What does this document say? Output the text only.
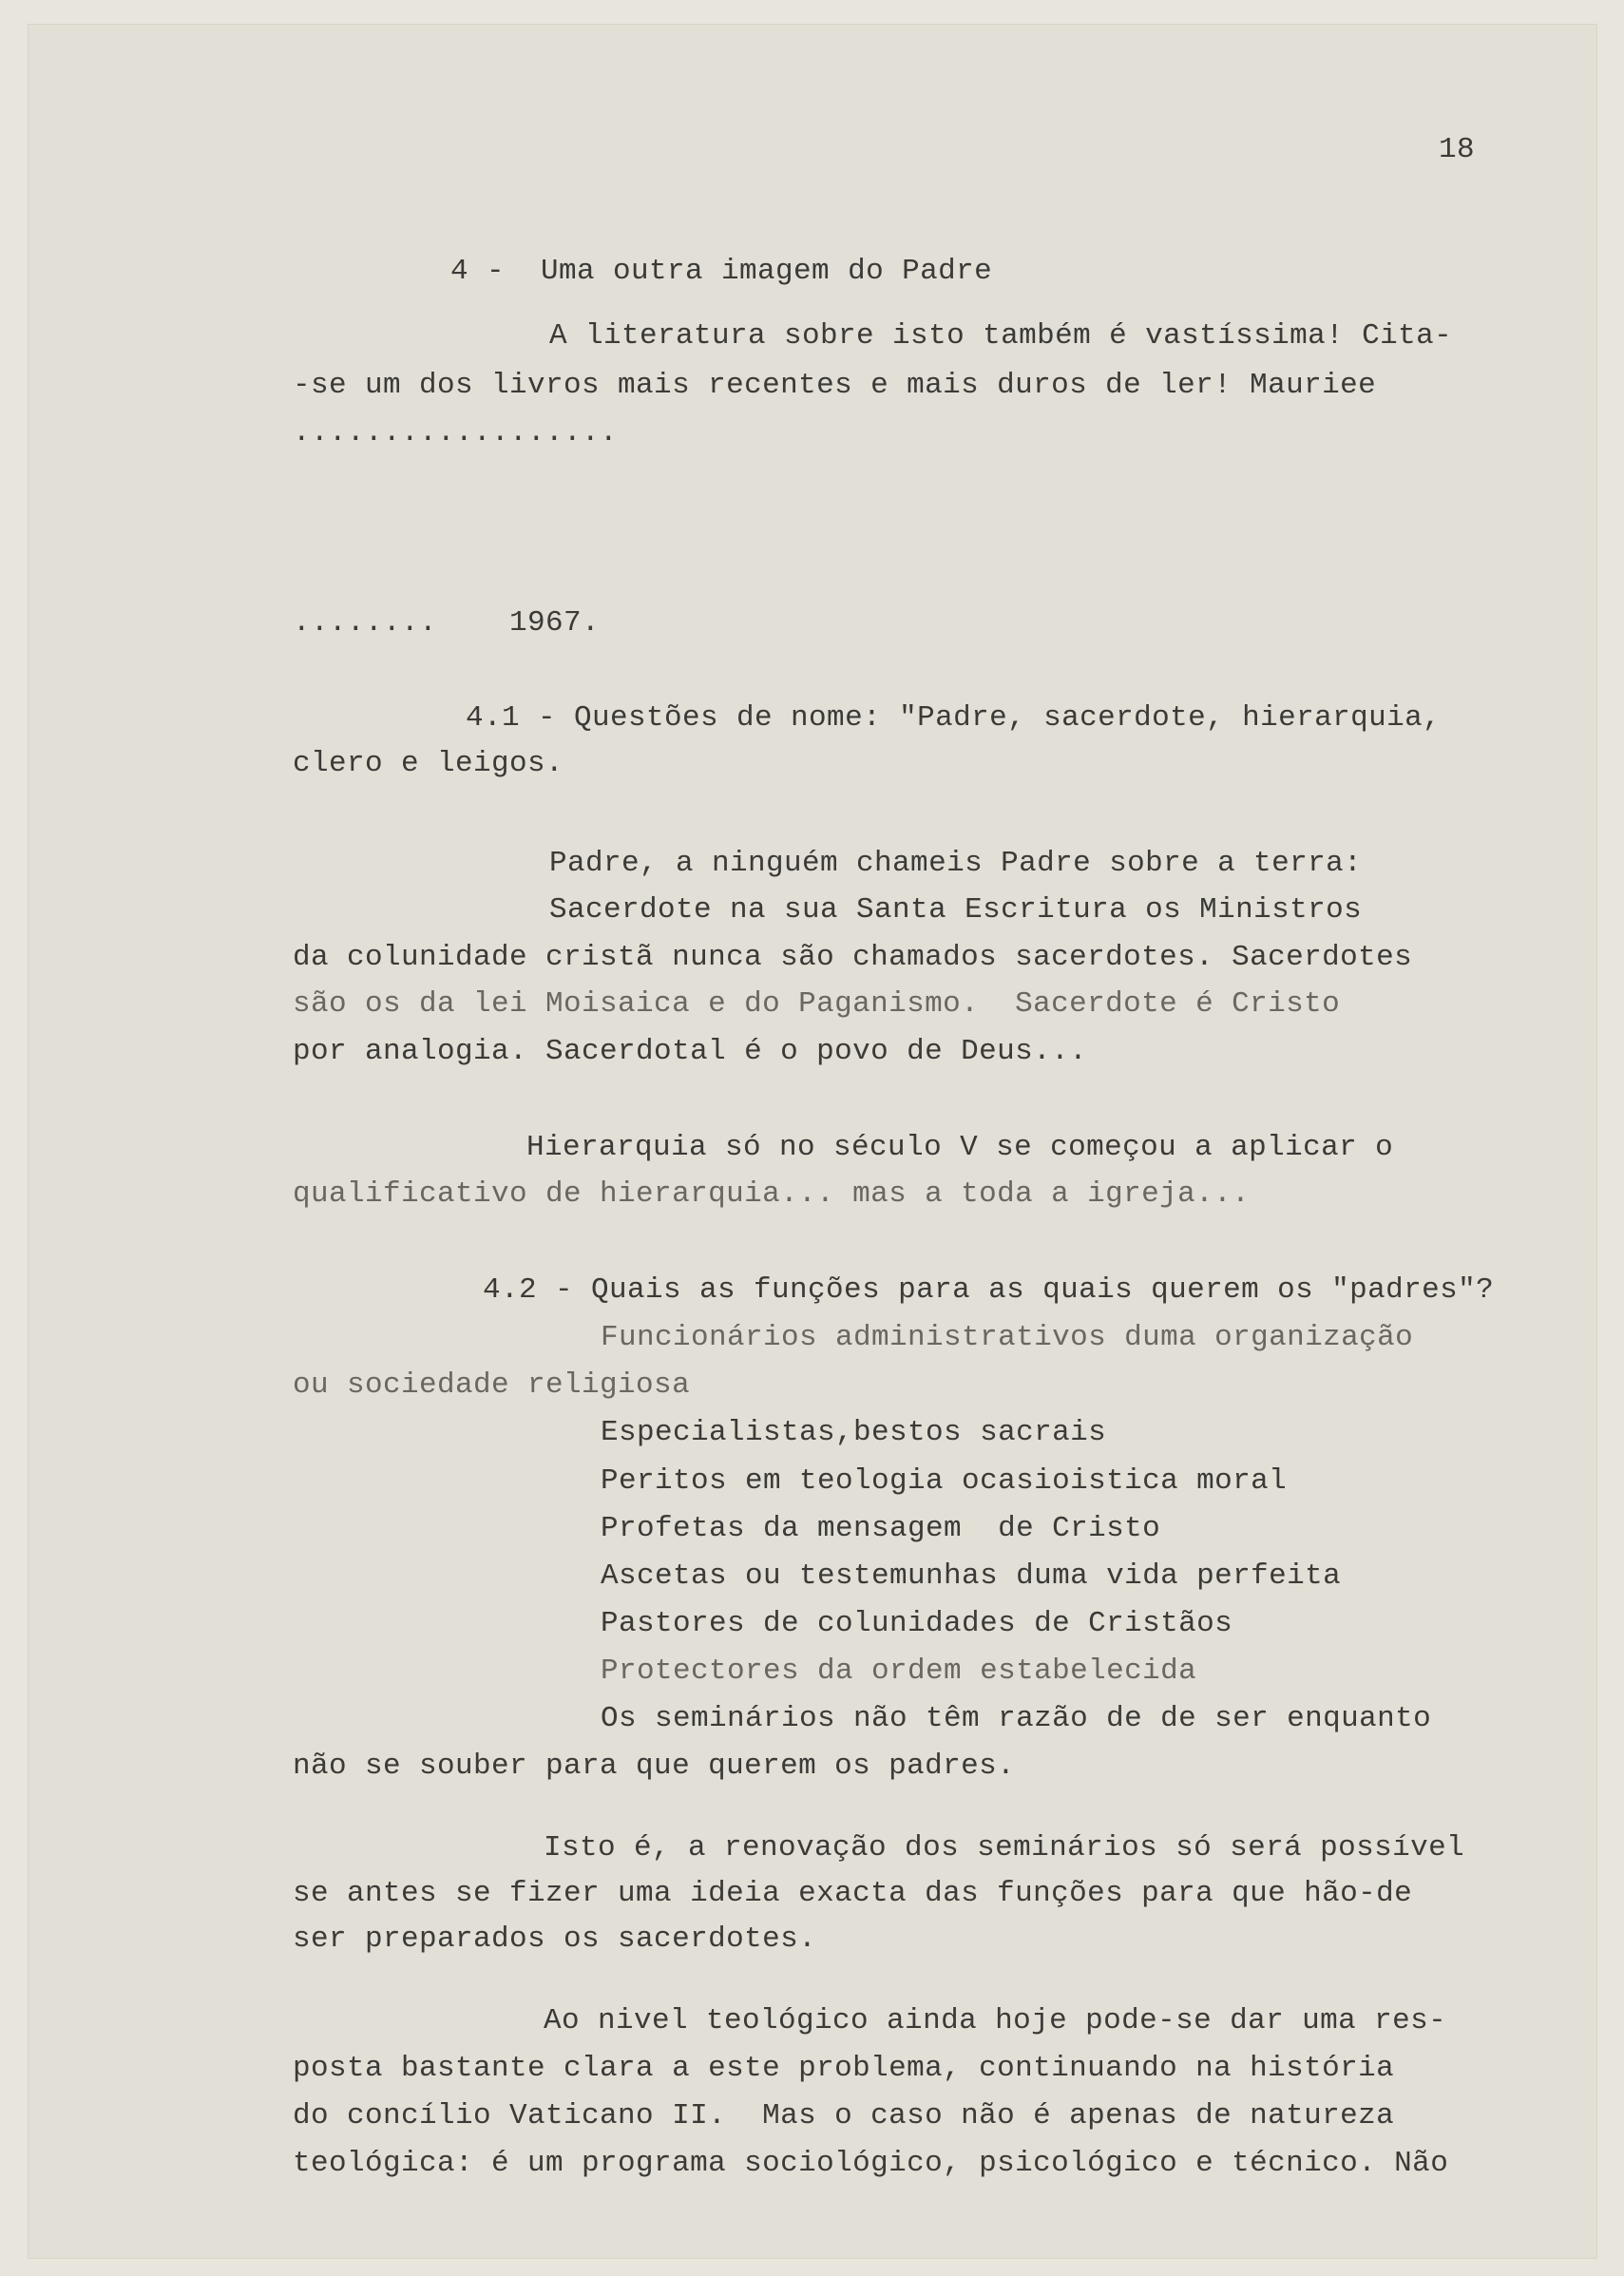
18
4 -  Uma outra imagem do Padre
A literatura sobre isto também é vastíssima! Cita-
-se um dos livros mais recentes e mais duros de ler! Mauriee
..................
........    1967.
4.1 - Questões de nome: "Padre, sacerdote, hierarquia,
clero e leigos.
Padre, a ninguém chameis Padre sobre a terra:
Sacerdote na sua Santa Escritura os Ministros
da colunidade cristã nunca são chamados sacerdotes. Sacerdotes
são os da lei Moisaica e do Paganismo.  Sacerdote é Cristo
por analogia. Sacerdotal é o povo de Deus...
Hierarquia só no século V se começou a aplicar o
qualificativo de hierarquia... mas a toda a igreja...
4.2 - Quais as funções para as quais querem os "padres"?
Funcionários administrativos duma organização
ou sociedade religiosa
Especialistas,bestos sacrais
Peritos em teologia ocasioistica moral
Profetas da mensagem  de Cristo
Ascetas ou testemunhas duma vida perfeita
Pastores de colunidades de Cristãos
Protectores da ordem estabelecida
Os seminários não têm razão de de ser enquanto
não se souber para que querem os padres.
Isto é, a renovação dos seminários só será possível
se antes se fizer uma ideia exacta das funções para que hão-de
ser preparados os sacerdotes.
Ao nivel teológico ainda hoje pode-se dar uma res-
posta bastante clara a este problema, continuando na história
do concílio Vaticano II.  Mas o caso não é apenas de natureza
teológica: é um programa sociológico, psicológico e técnico. Não
